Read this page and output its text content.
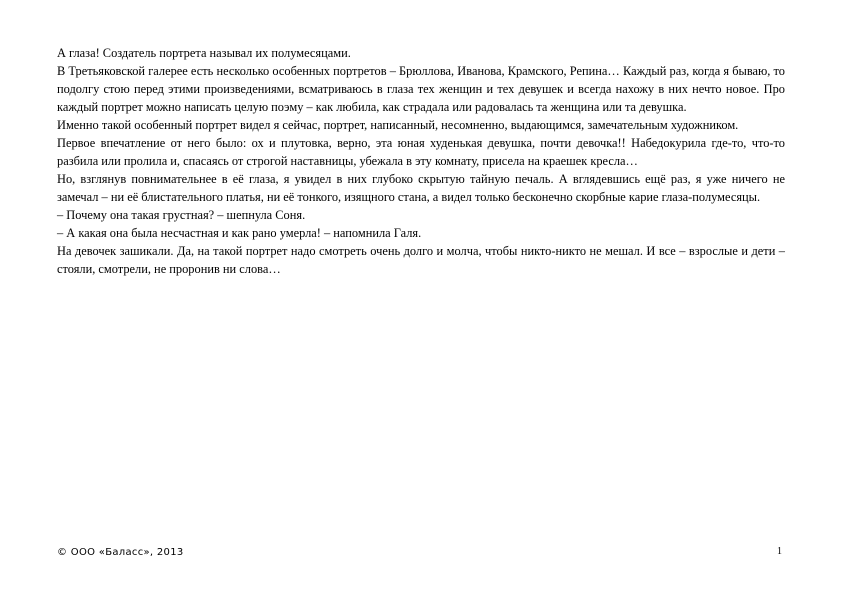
А глаза! Создатель портрета называл их полумесяцами.

В Третьяковской галерее есть несколько особенных портретов – Брюллова, Иванова, Крамского, Репина… Каждый раз, когда я бываю, то подолгу стою перед этими произведениями, всматриваюсь в глаза тех женщин и тех девушек и всегда нахожу в них нечто новое. Про каждый портрет можно написать целую поэму – как любила, как страдала или радовалась та женщина или та девушка.

Именно такой особенный портрет видел я сейчас, портрет, написанный, несомненно, выдающимся, замечательным художником.

Первое впечатление от него было: ох и плутовка, верно, эта юная худенькая девушка, почти девочка!! Набедокурила где-то, что-то разбила или пролила и, спасаясь от строгой наставницы, убежала в эту комнату, присела на краешек кресла…

Но, взглянув повнимательнее в её глаза, я увидел в них глубоко скрытую тайную печаль. А вглядевшись ещё раз, я уже ничего не замечал – ни её блистательного платья, ни её тонкого, изящного стана, а видел только бесконечно скорбные карие глаза-полумесяцы.

– Почему она такая грустная? – шепнула Соня.

– А какая она была несчастная и как рано умерла! – напомнила Галя.

На девочек зашикали. Да, на такой портрет надо смотреть очень долго и молча, чтобы никто-никто не мешал. И все – взрослые и дети – стояли, смотрели, не проронив ни слова…

© ООО «Баласс», 2013	1
